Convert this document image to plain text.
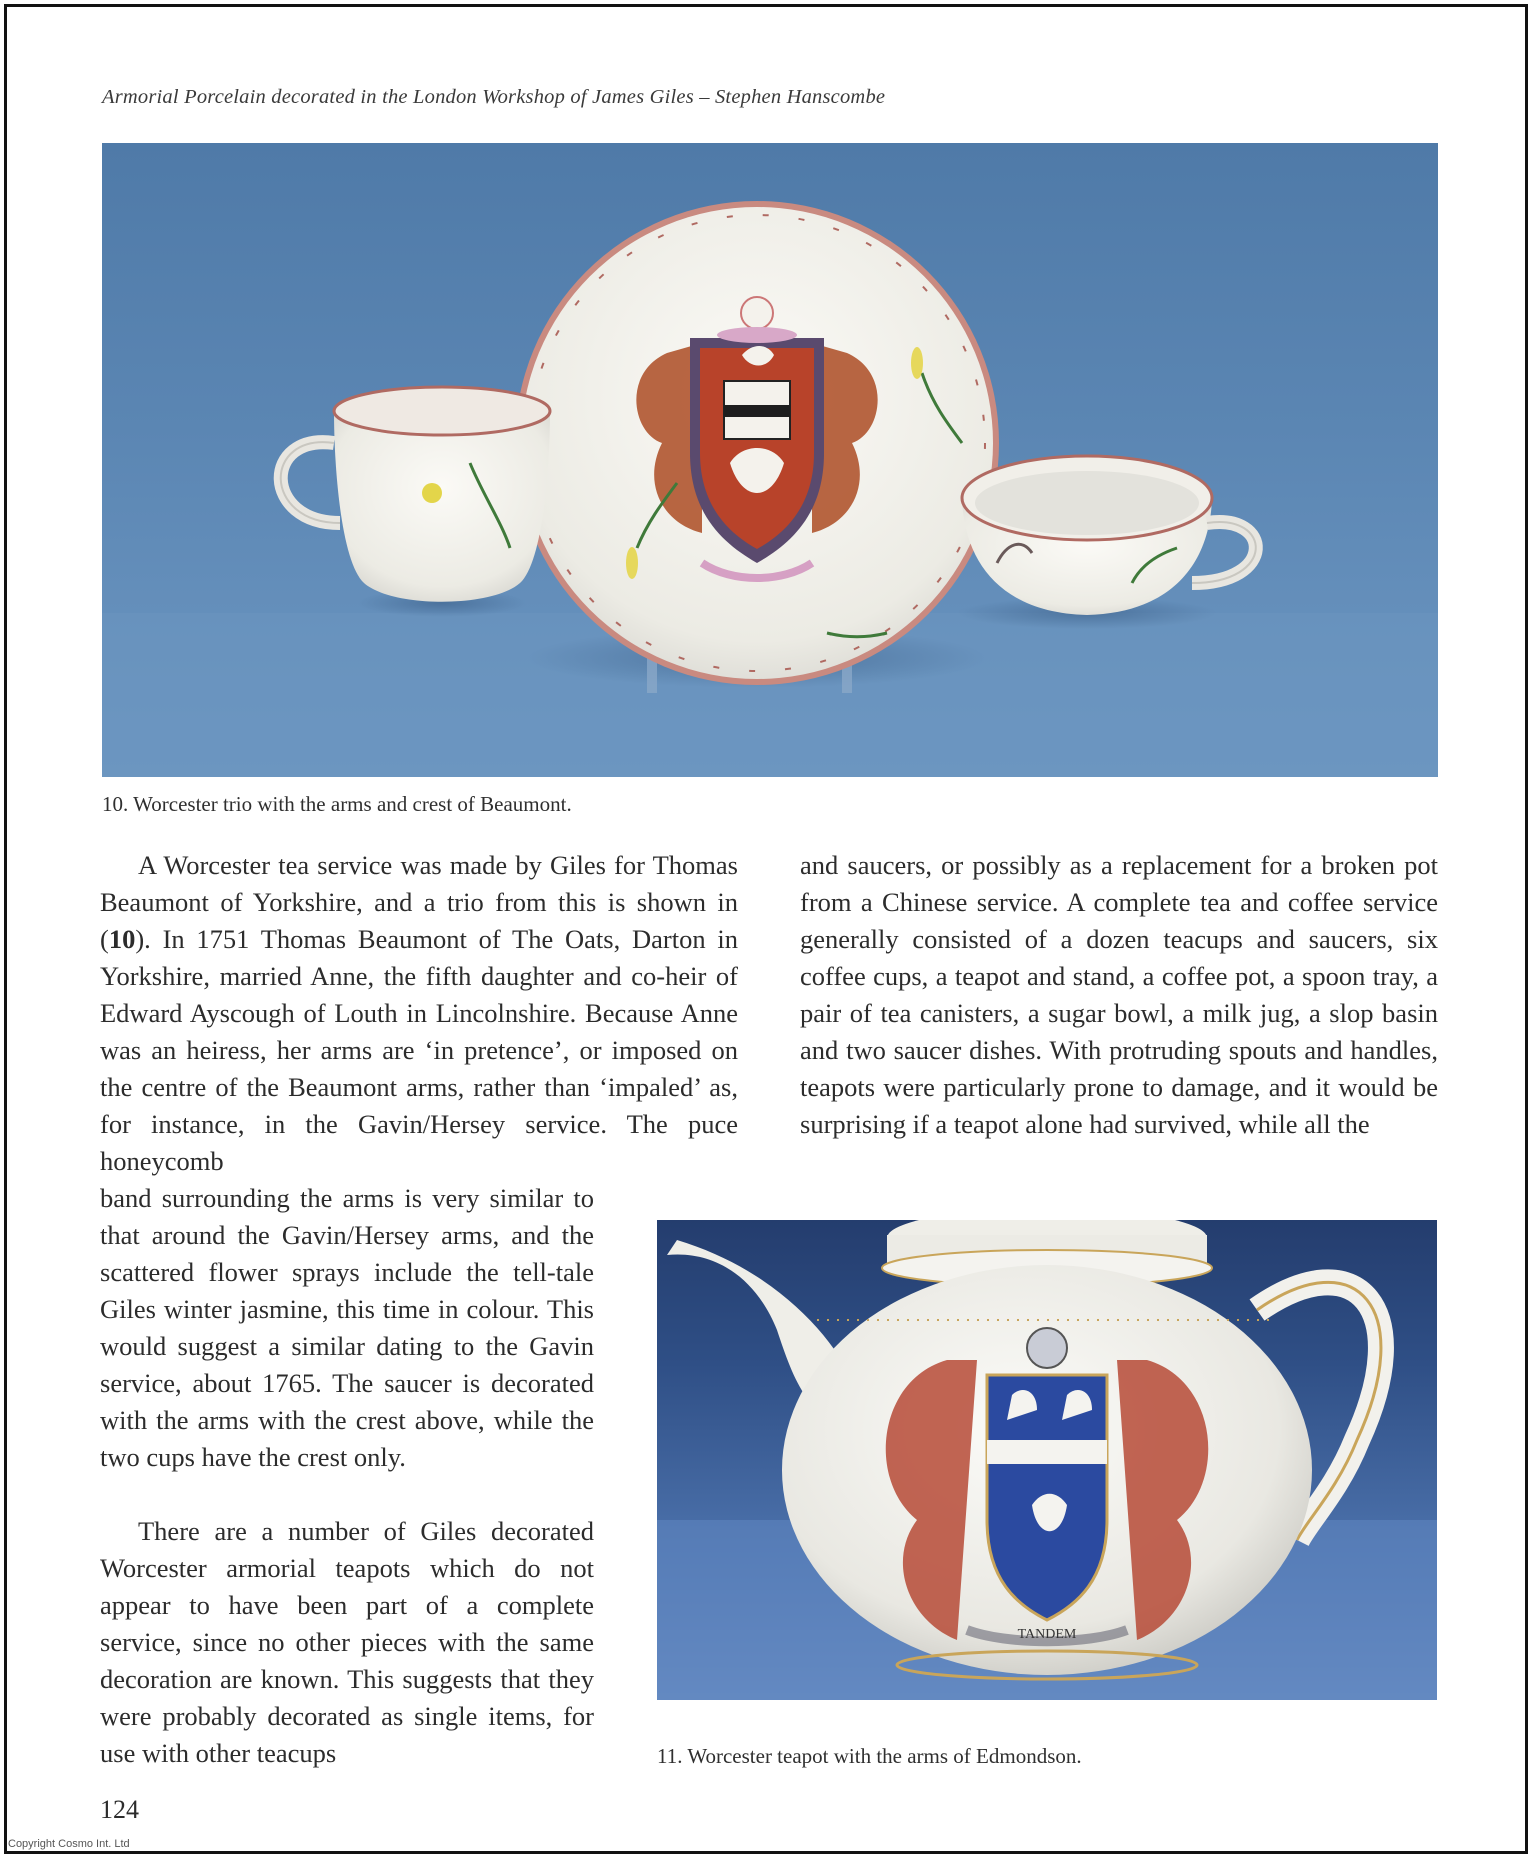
Armorial Porcelain decorated in the London Workshop of James Giles – Stephen Hanscombe
10. Worcester trio with the arms and crest of Beaumont.

A Worcester tea service was made by Giles for Thomas Beaumont of Yorkshire, and a trio from this is shown in (10). In 1751 Thomas Beaumont of The Oats, Darton in Yorkshire, married Anne, the fifth daughter and co-heir of Edward Ayscough of Louth in Lincolnshire. Because Anne was an heiress, her arms are ‘in pretence’, or imposed on the centre of the Beaumont arms, rather than ‘impaled’ as, for instance, in the Gavin/Hersey service. The puce honeycomb

band surrounding the arms is very similar to that around the Gavin/Hersey arms, and the scattered flower sprays include the tell-tale Giles winter jasmine, this time in colour. This would suggest a similar dating to the Gavin service, about 1765. The saucer is decorated with the arms with the crest above, while the two cups have the crest only.

There are a number of Giles decorated Worcester armorial teapots which do not appear to have been part of a complete service, since no other pieces with the same decoration are known. This suggests that they were probably decorated as single items, for use with other teacups

and saucers, or possibly as a replacement for a broken pot from a Chinese service. A complete tea and coffee service generally consisted of a dozen teacups and saucers, six coffee cups, a teapot and stand, a coffee pot, a spoon tray, a pair of tea canisters, a sugar bowl, a milk jug, a slop basin and two saucer dishes. With protruding spouts and handles, teapots were particularly prone to damage, and it would be surprising if a teapot alone had survived, while all the

TANDEM
11. Worcester teapot with the arms of Edmondson.
124
Copyright Cosmo Int. Ltd
